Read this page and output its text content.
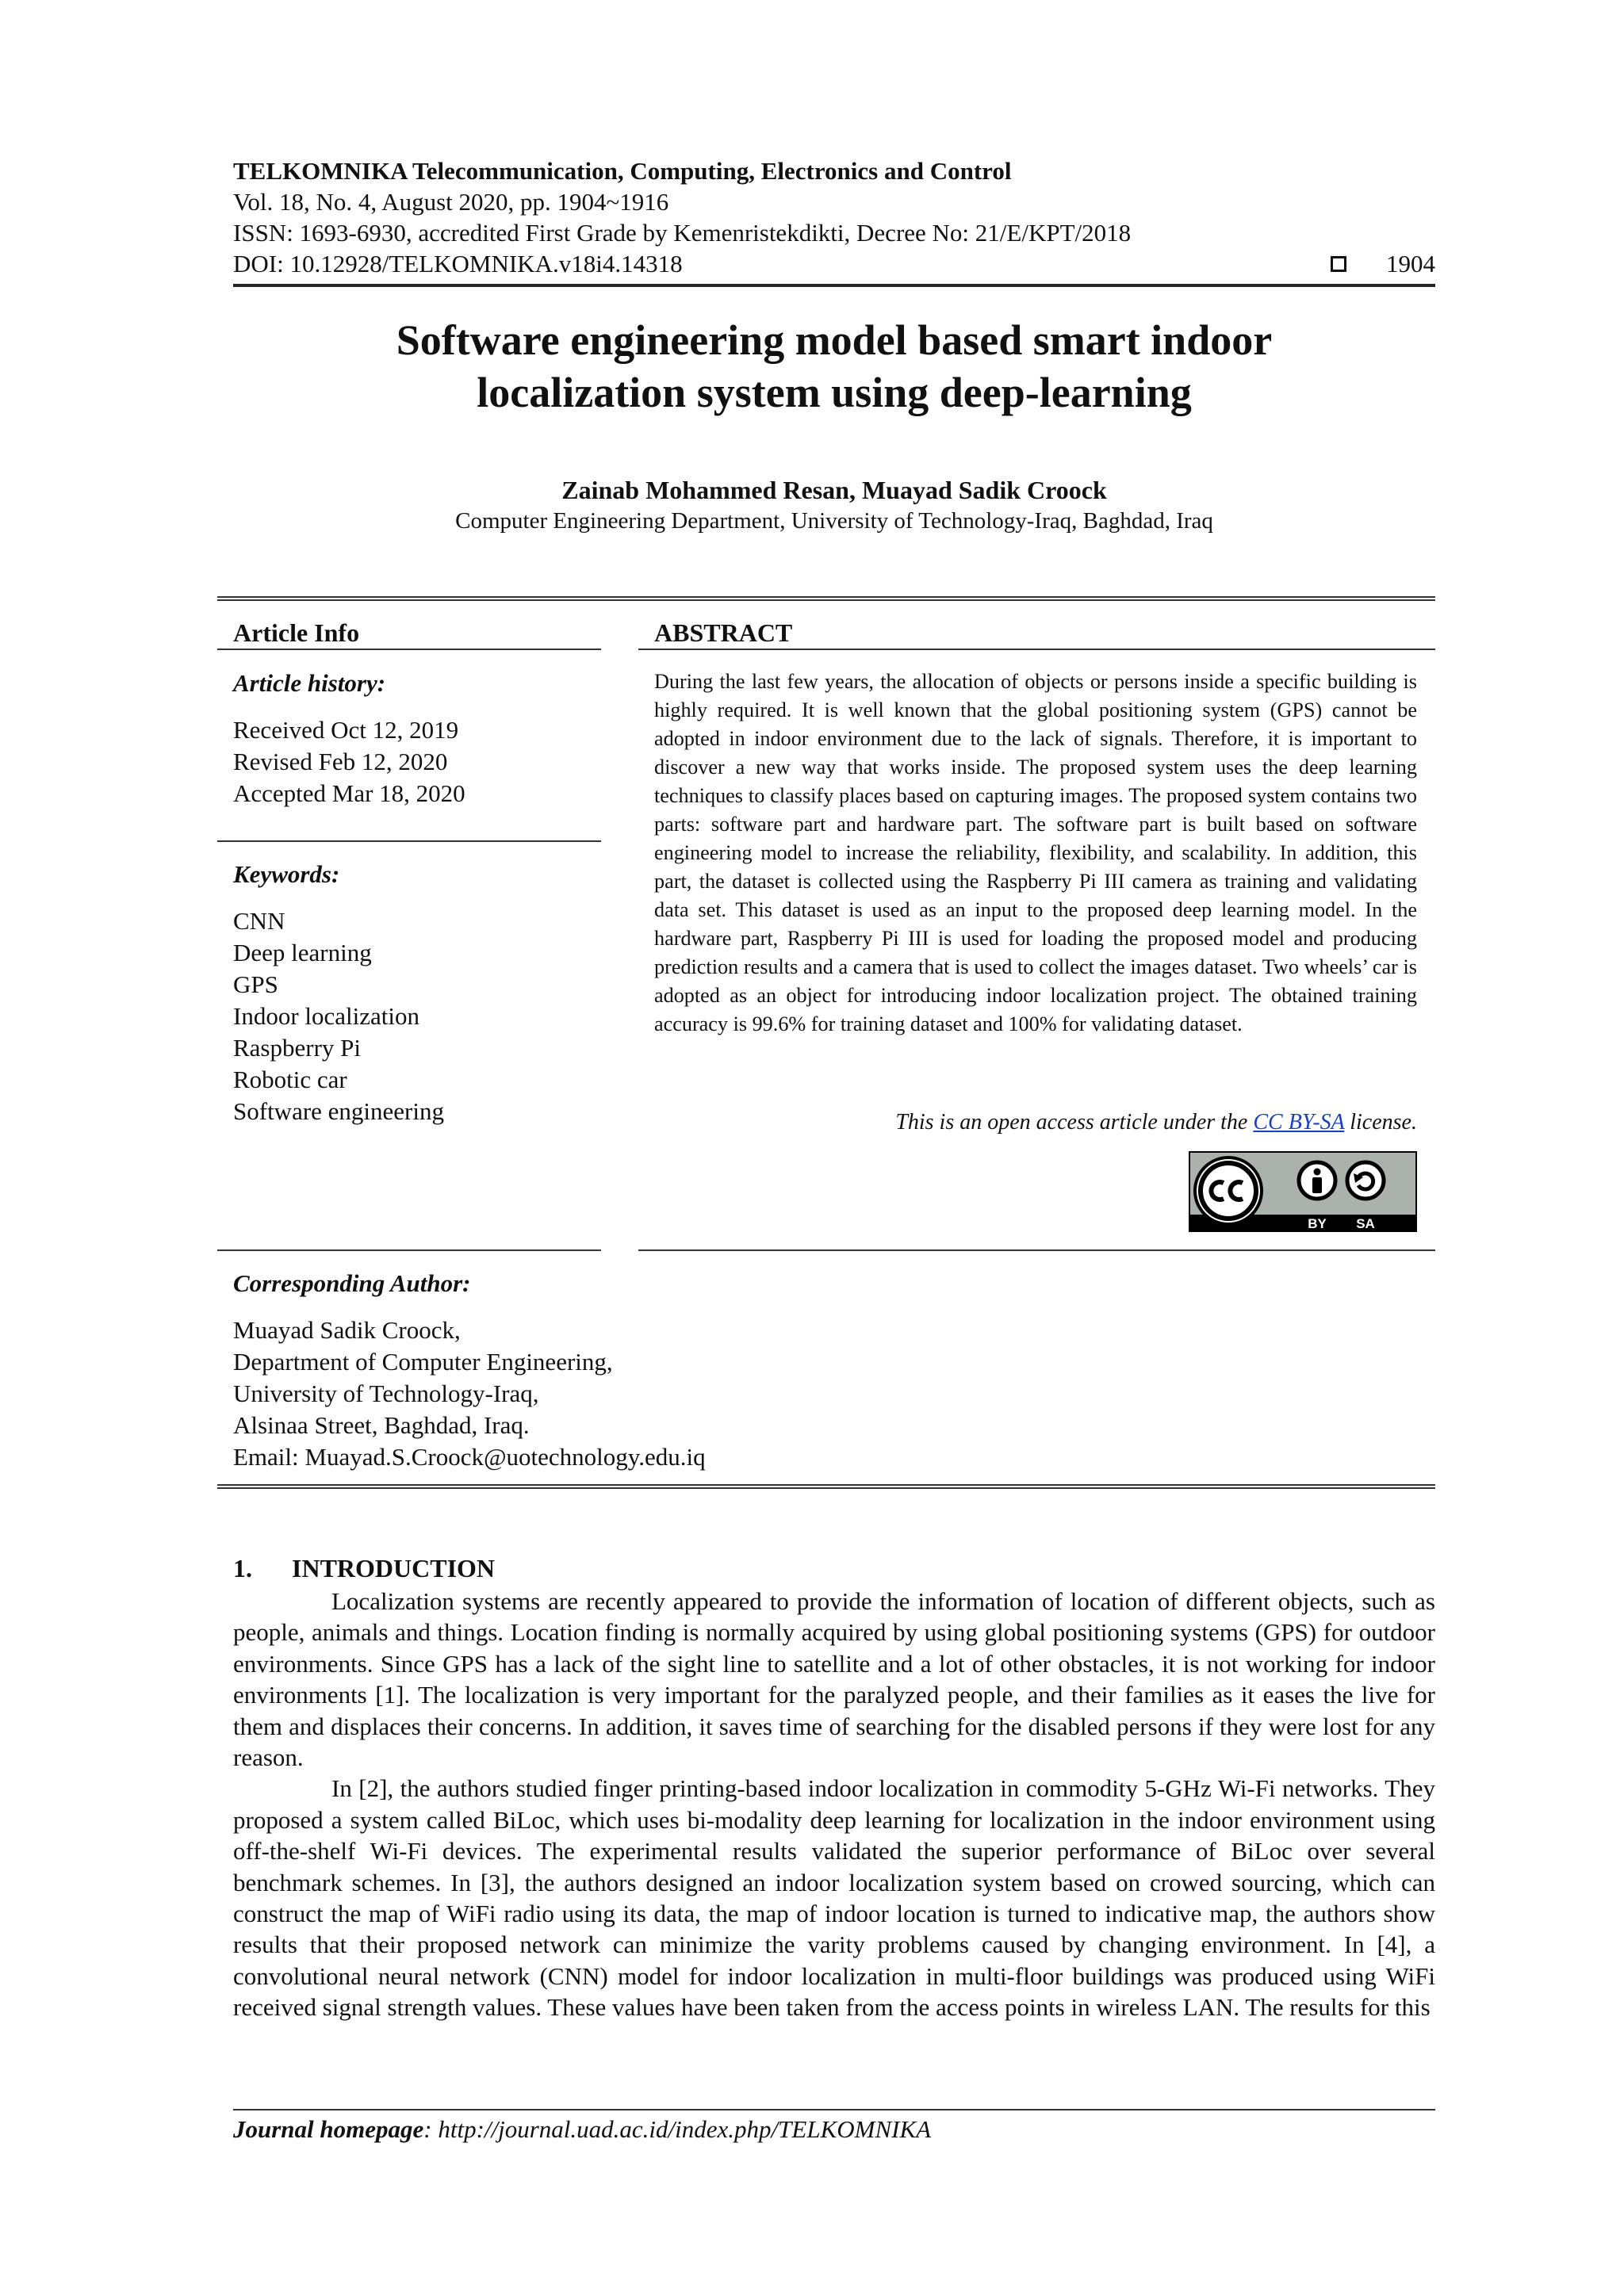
TELKOMNIKA Telecommunication, Computing, Electronics and Control
Vol. 18, No. 4, August 2020, pp. 1904~1916
ISSN: 1693-6930, accredited First Grade by Kemenristekdikti, Decree No: 21/E/KPT/2018
DOI: 10.12928/TELKOMNIKA.v18i4.14318	1904
Software engineering model based smart indoor
localization system using deep-learning
Zainab Mohammed Resan, Muayad Sadik Croock
Computer Engineering Department, University of Technology-Iraq, Baghdad, Iraq
Article Info
Article history:
Received Oct 12, 2019
Revised Feb 12, 2020
Accepted Mar 18, 2020
Keywords:
CNN
Deep learning
GPS
Indoor localization
Raspberry Pi
Robotic car
Software engineering
ABSTRACT

During the last few years, the allocation of objects or persons inside a specific building is highly required. It is well known that the global positioning system (GPS) cannot be adopted in indoor environment due to the lack of signals. Therefore, it is important to discover a new way that works inside. The proposed system uses the deep learning techniques to classify places based on capturing images. The proposed system contains two parts: software part and hardware part. The software part is built based on software engineering model to increase the reliability, flexibility, and scalability. In addition, this part, the dataset is collected using the Raspberry Pi III camera as training and validating data set. This dataset is used as an input to the proposed deep learning model. In the hardware part, Raspberry Pi III is used for loading the proposed model and producing prediction results and a camera that is used to collect the images dataset. Two wheels’ car is adopted as an object for introducing indoor localization project. The obtained training accuracy is 99.6% for training dataset and 100% for validating dataset.

This is an open access article under the CC BY-SA license.
BY SA
Corresponding Author:
Muayad Sadik Croock,
Department of Computer Engineering,
University of Technology-Iraq,
Alsinaa Street, Baghdad, Iraq.
Email: Muayad.S.Croock@uotechnology.edu.iq
1. INTRODUCTION

Localization systems are recently appeared to provide the information of location of different objects, such as people, animals and things. Location finding is normally acquired by using global positioning systems (GPS) for outdoor environments. Since GPS has a lack of the sight line to satellite and a lot of other obstacles, it is not working for indoor environments [1]. The localization is very important for the paralyzed people, and their families as it eases the live for them and displaces their concerns. In addition, it saves time of searching for the disabled persons if they were lost for any reason.

In [2], the authors studied finger printing-based indoor localization in commodity 5-GHz Wi-Fi networks. They proposed a system called BiLoc, which uses bi-modality deep learning for localization in the indoor environment using off-the-shelf Wi-Fi devices. The experimental results validated the superior performance of BiLoc over several benchmark schemes. In [3], the authors designed an indoor localization system based on crowed sourcing, which can construct the map of WiFi radio using its data, the map of indoor location is turned to indicative map, the authors show results that their proposed network can minimize the varity problems caused by changing environment. In [4], a convolutional neural network (CNN) model for indoor localization in multi-floor buildings was produced using WiFi received signal strength values. These values have been taken from the access points in wireless LAN. The results for this

Journal homepage: http://journal.uad.ac.id/index.php/TELKOMNIKA
